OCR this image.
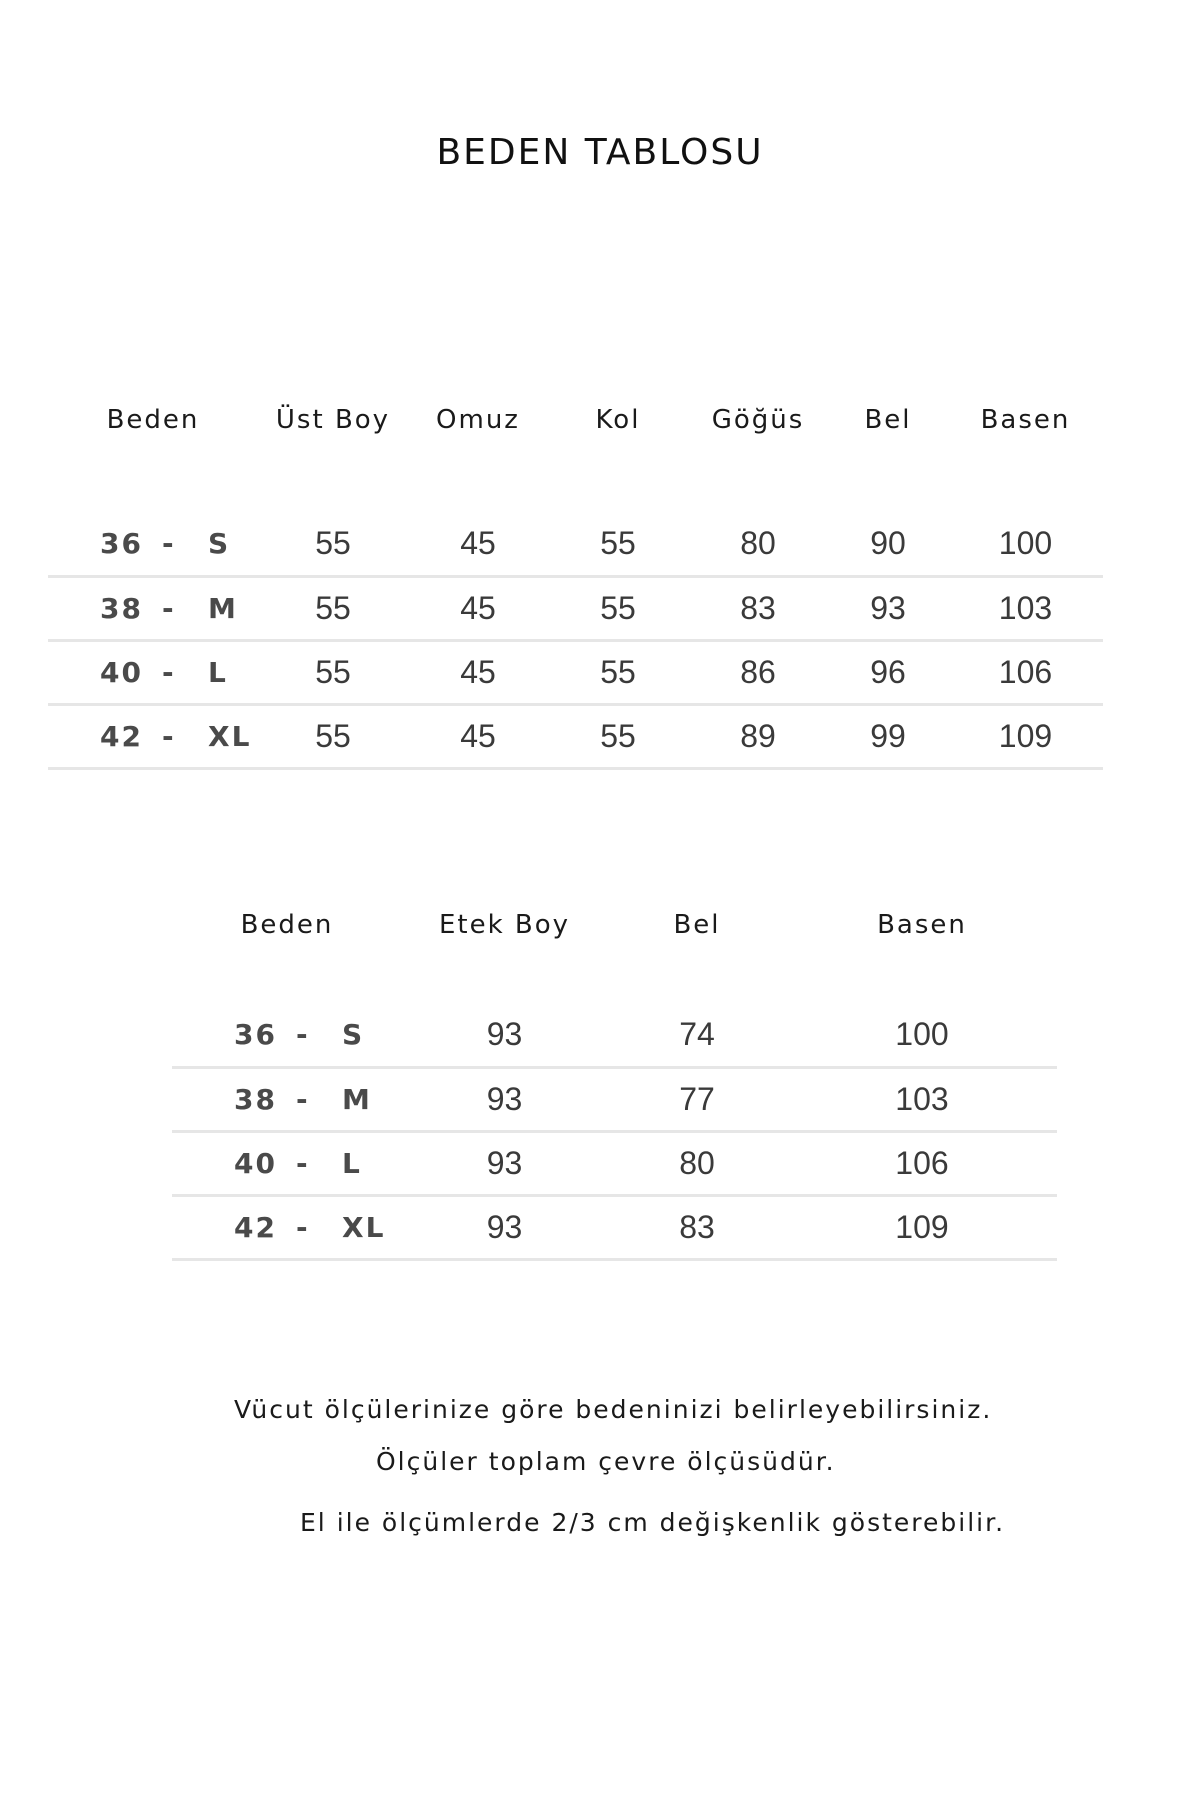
BEDEN TABLOSU
Beden	Üst Boy	Omuz	Kol	Göğüs	Bel	Basen

36 - S	55	45	55	80	90	100
38 - M	55	45	55	83	93	103
40 - L	55	45	55	86	96	106
42 - XL	55	45	55	89	99	109
Beden	Etek Boy	Bel	Basen

36 - S	93	74	100
38 - M	93	77	103
40 - L	93	80	106
42 - XL	93	83	109
Vücut ölçülerinize göre bedeninizi belirleyebilirsiniz.
Ölçüler toplam çevre ölçüsüdür.
El ile ölçümlerde 2/3 cm değişkenlik gösterebilir.
